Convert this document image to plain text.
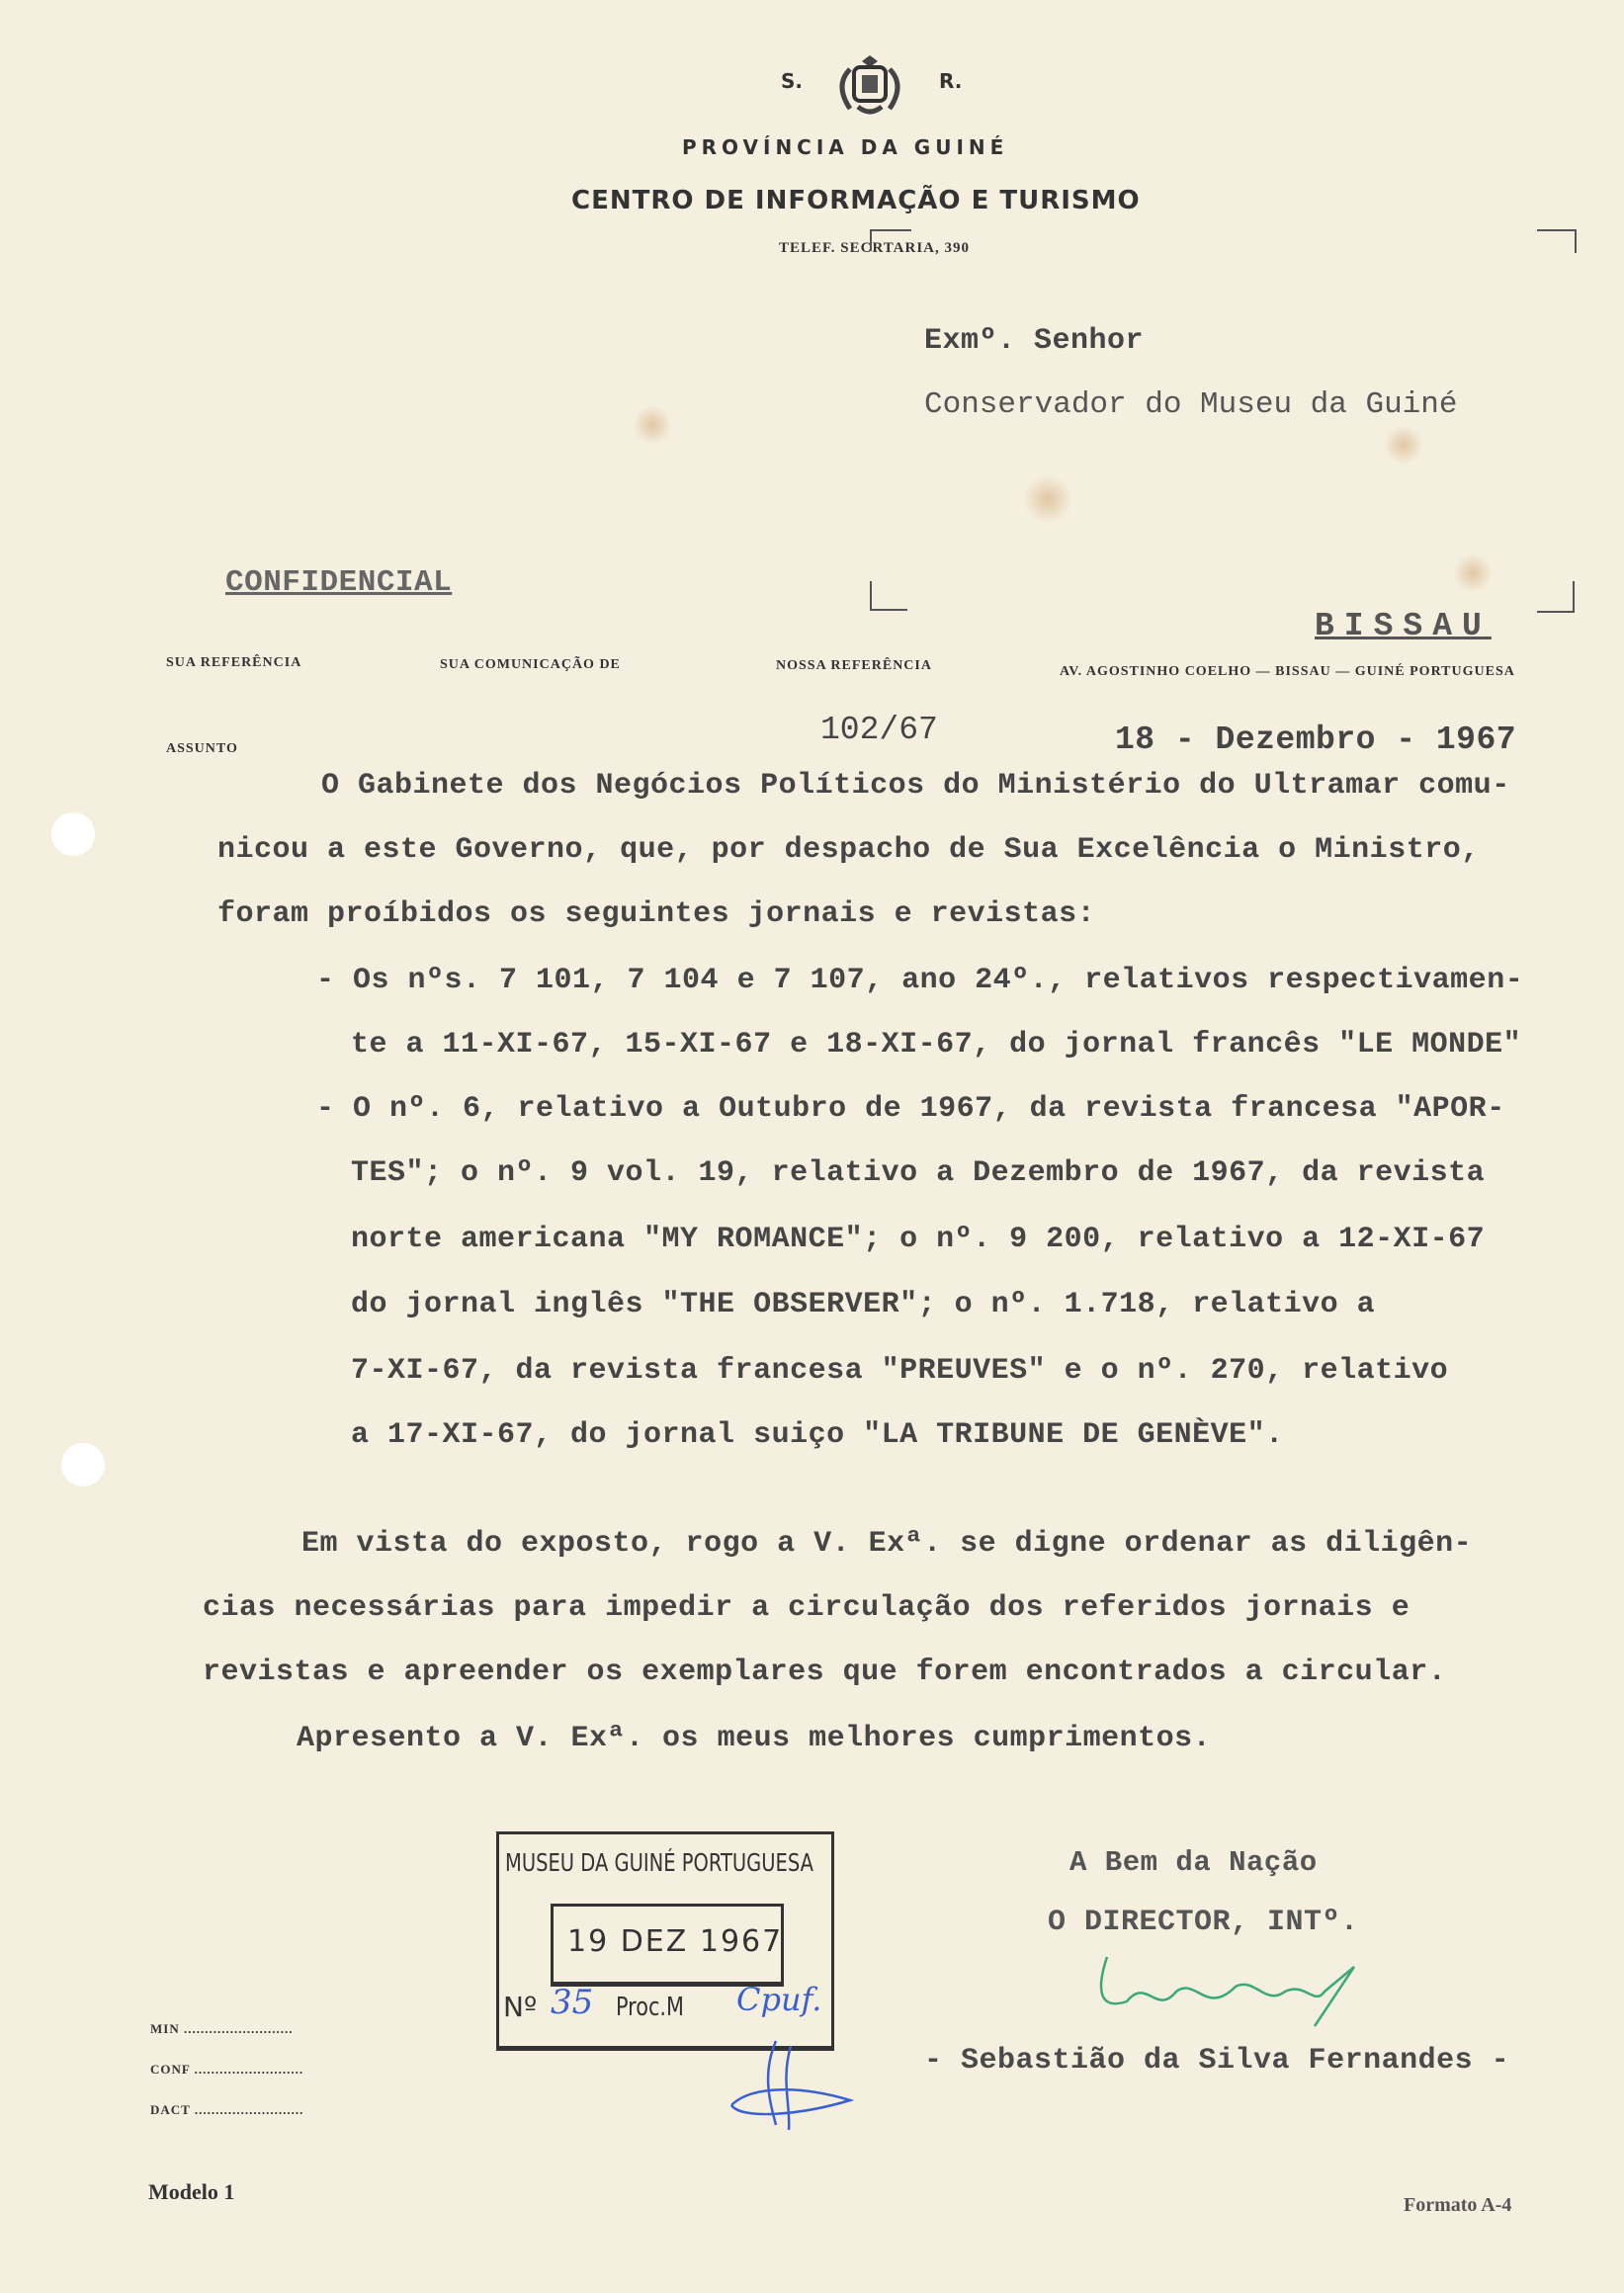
S.	R.
PROVÍNCIA DA GUINÉ
CENTRO DE INFORMAÇÃO E TURISMO
TELEF. SECRTARIA, 390
Exmº. Senhor
Conservador do Museu da Guiné
CONFIDENCIAL
BISSAU
SUA REFERÊNCIA	SUA COMUNICAÇÃO DE	NOSSA REFERÊNCIA	AV. AGOSTINHO COELHO — BISSAU — GUINÉ PORTUGUESA
ASSUNTO
102/67	18 - Dezembro - 1967
O Gabinete dos Negócios Políticos do Ministério do Ultramar comu-
nicou a este Governo, que, por despacho de Sua Excelência o Ministro,
foram proíbidos os seguintes jornais e revistas:
- Os nºs. 7 101, 7 104 e 7 107, ano 24º., relativos respectivamen-
te a 11-XI-67, 15-XI-67 e 18-XI-67, do jornal francês "LE MONDE"
- O nº. 6, relativo a Outubro de 1967, da revista francesa "APOR-
TES"; o nº. 9 vol. 19, relativo a Dezembro de 1967, da revista
norte americana "MY ROMANCE"; o nº. 9 200, relativo a 12-XI-67
do jornal inglês "THE OBSERVER"; o nº. 1.718, relativo a
7-XI-67, da revista francesa "PREUVES" e o nº. 270, relativo
a 17-XI-67, do jornal suiço "LA TRIBUNE DE GENÈVE".
Em vista do exposto, rogo a V. Exª. se digne ordenar as diligên-
cias necessárias para impedir a circulação dos referidos jornais e
revistas e apreender os exemplares que forem encontrados a circular.
Apresento a V. Exª. os meus melhores cumprimentos.
MUSEU DA GUINÉ PORTUGUESA
19 DEZ 1967
Nº 35 Proc.M Cpuf.
A Bem da Nação
O DIRECTOR, INTº.
- Sebastião da Silva Fernandes -
MIN ..........................
CONF ..........................
DACT ..........................
Modelo 1
Formato A-4
